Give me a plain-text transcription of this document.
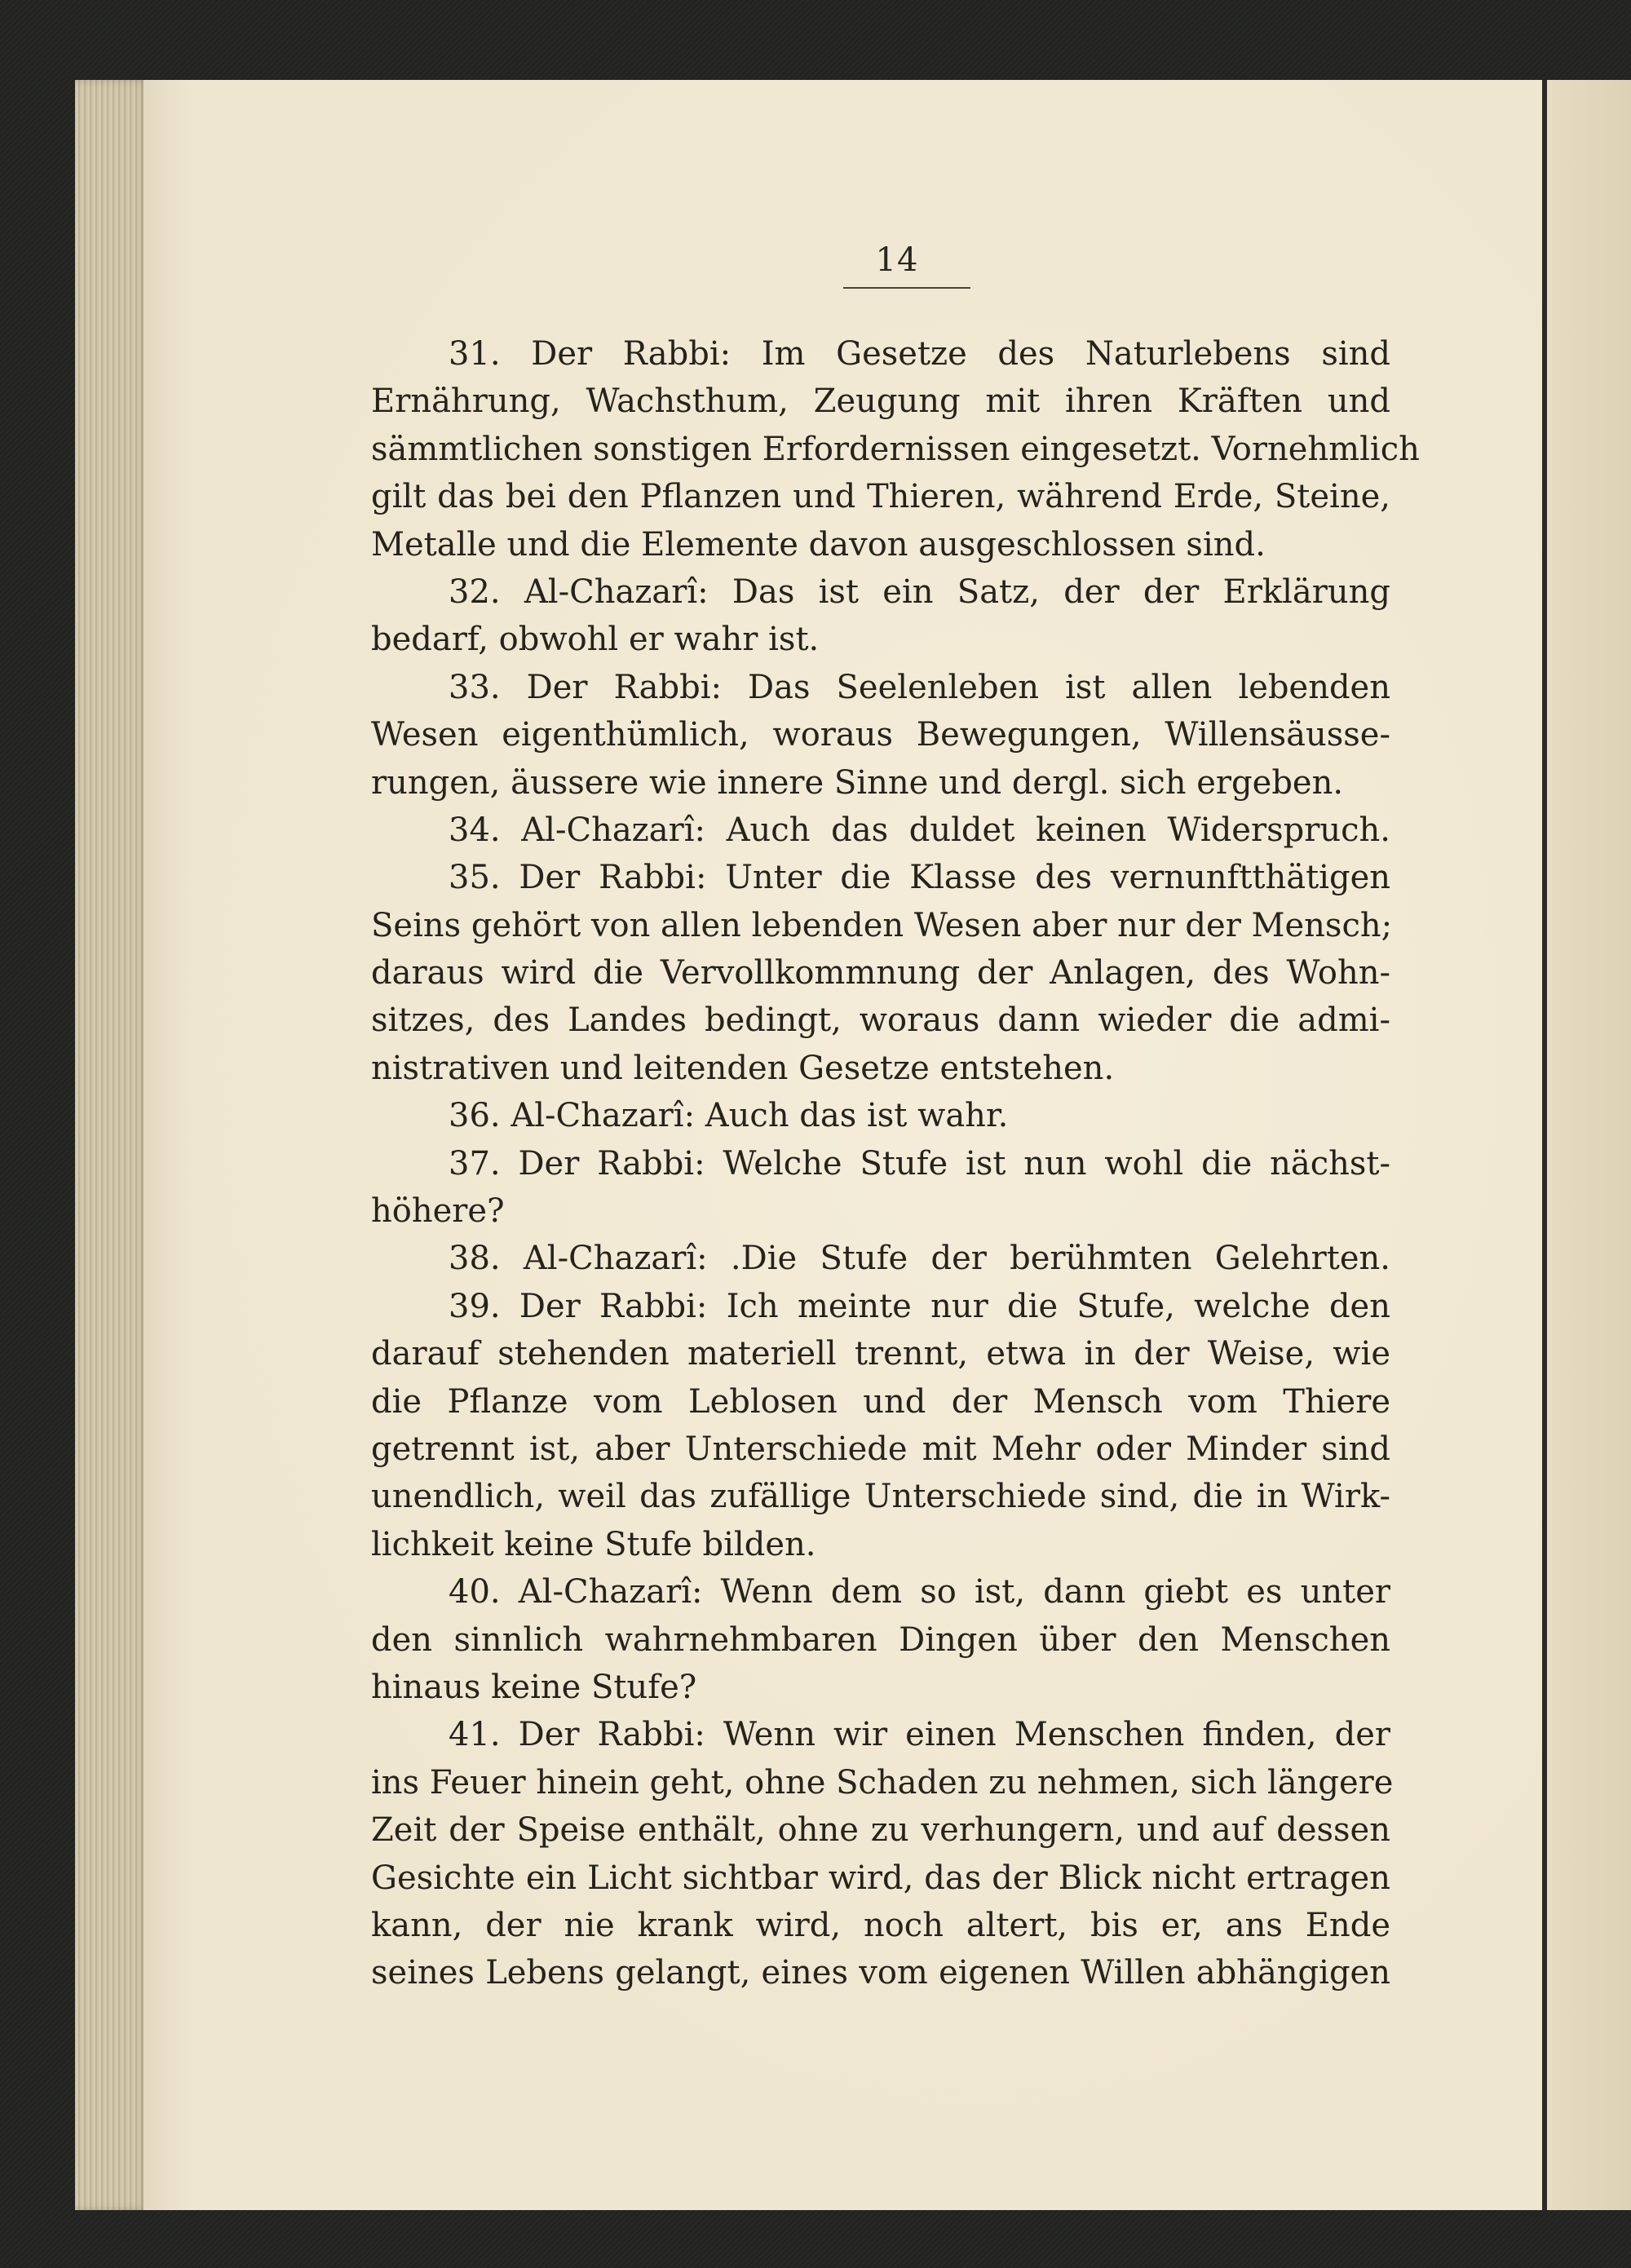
14
31. Der Rabbi: Im Gesetze des Naturlebens sind
Ernährung, Wachsthum, Zeugung mit ihren Kräften und
sämmtlichen sonstigen Erfordernissen eingesetzt. Vornehmlich
gilt das bei den Pflanzen und Thieren, während Erde, Steine,
Metalle und die Elemente davon ausgeschlossen sind.
32. Al-Chazarî: Das ist ein Satz, der der Erklärung
bedarf, obwohl er wahr ist.
33. Der Rabbi: Das Seelenleben ist allen lebenden
Wesen eigenthümlich, woraus Bewegungen, Willensäusse-
rungen, äussere wie innere Sinne und dergl. sich ergeben.
34. Al-Chazarî: Auch das duldet keinen Widerspruch.
35. Der Rabbi: Unter die Klasse des vernunftthätigen
Seins gehört von allen lebenden Wesen aber nur der Mensch;
daraus wird die Vervollkommnung der Anlagen, des Wohn-
sitzes, des Landes bedingt, woraus dann wieder die admi-
nistrativen und leitenden Gesetze entstehen.
36. Al-Chazarî: Auch das ist wahr.
37. Der Rabbi: Welche Stufe ist nun wohl die nächst-
höhere?
38. Al-Chazarî: .Die Stufe der berühmten Gelehrten.
39. Der Rabbi: Ich meinte nur die Stufe, welche den
darauf stehenden materiell trennt, etwa in der Weise, wie
die Pflanze vom Leblosen und der Mensch vom Thiere
getrennt ist, aber Unterschiede mit Mehr oder Minder sind
unendlich, weil das zufällige Unterschiede sind, die in Wirk-
lichkeit keine Stufe bilden.
40. Al-Chazarî: Wenn dem so ist, dann giebt es unter
den sinnlich wahrnehmbaren Dingen über den Menschen
hinaus keine Stufe?
41. Der Rabbi: Wenn wir einen Menschen finden, der
ins Feuer hinein geht, ohne Schaden zu nehmen, sich längere
Zeit der Speise enthält, ohne zu verhungern, und auf dessen
Gesichte ein Licht sichtbar wird, das der Blick nicht ertragen
kann, der nie krank wird, noch altert, bis er, ans Ende
seines Lebens gelangt, eines vom eigenen Willen abhängigen
